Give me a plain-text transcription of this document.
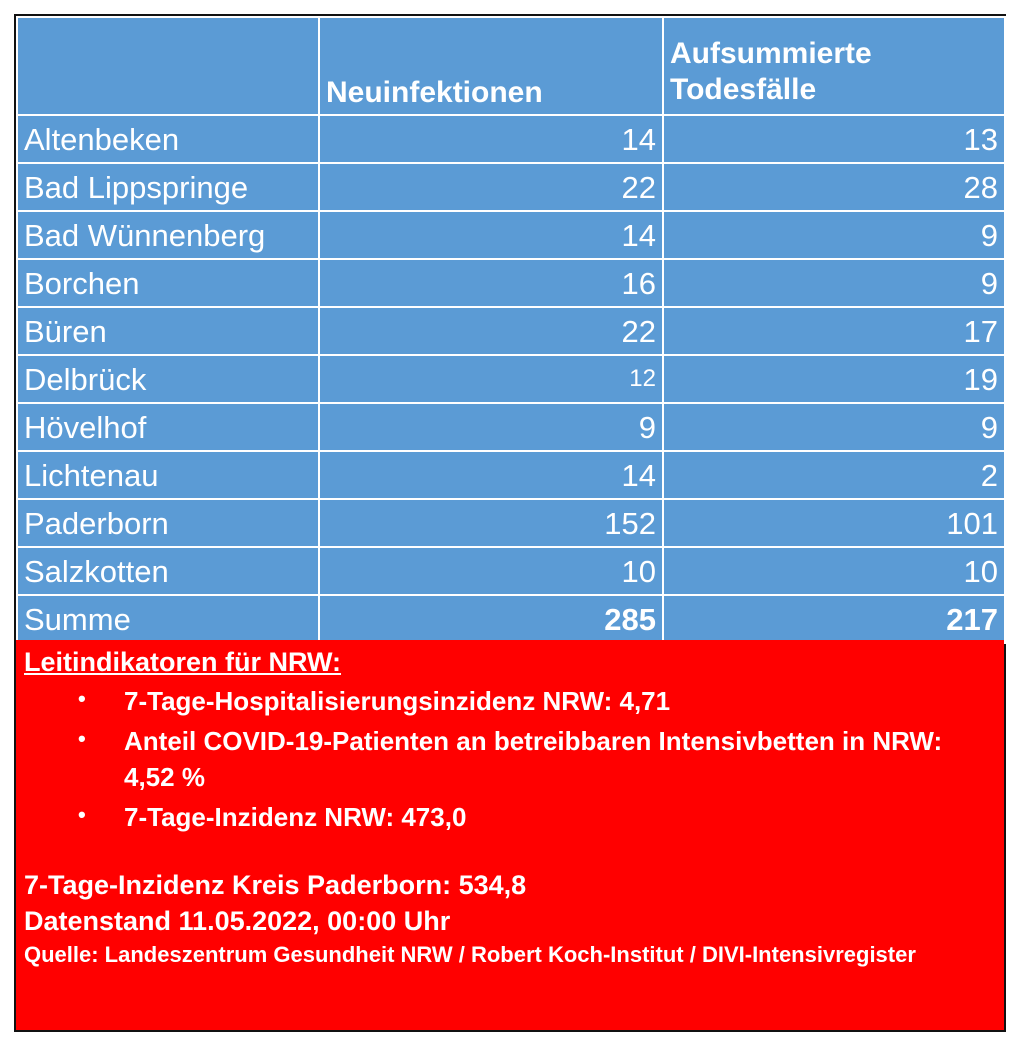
	Neuinfektionen	Aufsummierte Todesfälle
Altenbeken	14	13
Bad Lippspringe	22	28
Bad Wünnenberg	14	9
Borchen	16	9
Büren	22	17
Delbrück	12	19
Hövelhof	9	9
Lichtenau	14	2
Paderborn	152	101
Salzkotten	10	10
Summe	285	217

Leitindikatoren für NRW:

• 7-Tage-Hospitalisierungsinzidenz NRW: 4,71
• Anteil COVID-19-Patienten an betreibbaren Intensivbetten in NRW: 4,52 %
• 7-Tage-Inzidenz NRW: 473,0
7-Tage-Inzidenz Kreis Paderborn: 534,8
Datenstand 11.05.2022, 00:00 Uhr
Quelle: Landeszentrum Gesundheit NRW / Robert Koch-Institut / DIVI-Intensivregister
